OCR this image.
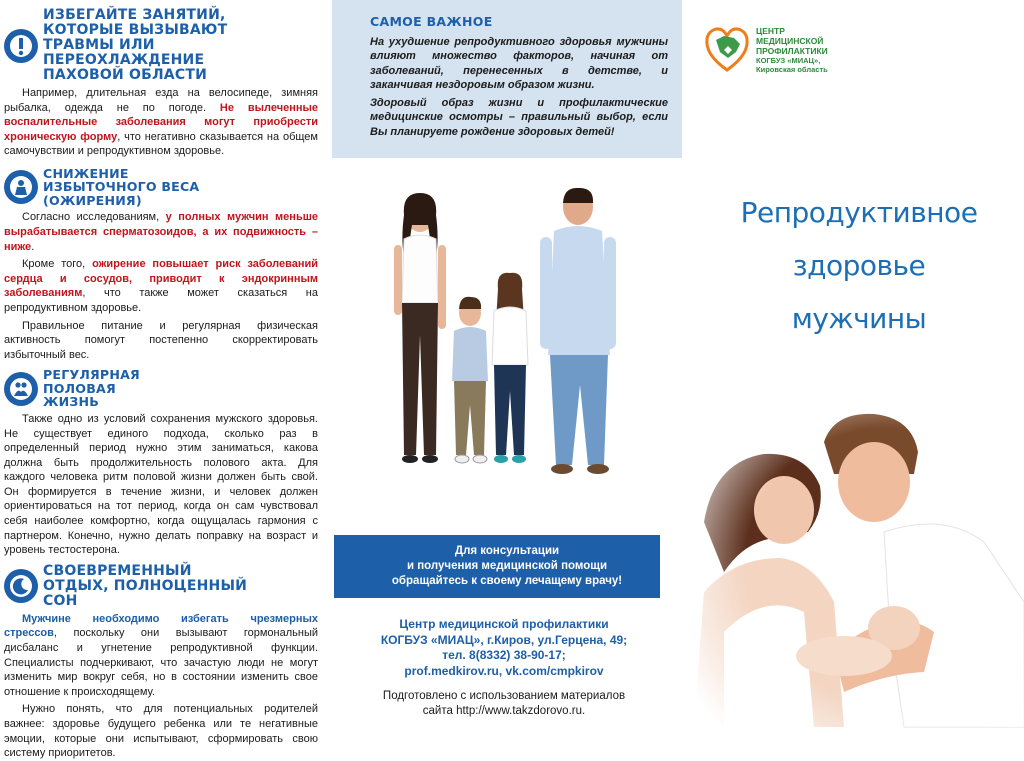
ИЗБЕГАЙТЕ ЗАНЯТИЙ, КОТОРЫЕ ВЫЗЫВАЮТ ТРАВМЫ ИЛИ ПЕРЕОХЛАЖДЕНИЕ ПАХОВОЙ ОБЛАСТИ

Например, длительная езда на велосипеде, зимняя рыбалка, одежда не по погоде. Не вылеченные воспалительные заболевания могут приобрести хроническую форму, что негативно сказывается на общем самочувствии и репродуктивном здоровье.

СНИЖЕНИЕ ИЗБЫТОЧНОГО ВЕСА (ОЖИРЕНИЯ)

Согласно исследованиям, у полных мужчин меньше вырабатывается сперматозоидов, а их подвижность – ниже.

Кроме того, ожирение повышает риск заболеваний сердца и сосудов, приводит к эндокринным заболеваниям, что также может сказаться на репродуктивном здоровье.

Правильное питание и регулярная физическая активность помогут постепенно скорректировать избыточный вес.

РЕГУЛЯРНАЯ ПОЛОВАЯ ЖИЗНЬ

Также одно из условий сохранения мужского здоровья. Не существует единого подхода, сколько раз в определенный период нужно этим заниматься, какова должна быть продолжительность полового акта. Для каждого человека ритм половой жизни должен быть свой. Он формируется в течение жизни, и человек должен ориентироваться на тот период, когда он сам чувствовал себя наиболее комфортно, когда ощущалась гармония с партнером. Конечно, нужно делать поправку на возраст и уровень тестостерона.

СВОЕВРЕМЕННЫЙ ОТДЫХ, ПОЛНОЦЕННЫЙ СОН

Мужчине необходимо избегать чрезмерных стрессов, поскольку они вызывают гормональный дисбаланс и угнетение репродуктивной функции. Специалисты подчеркивают, что зачастую люди не могут изменить мир вокруг себя, но в состоянии изменить свое отношение к происходящему.

Нужно понять, что для потенциальных родителей важнее: здоровье будущего ребенка или те негативные эмоции, которые они испытывают, сформировать свою систему приоритетов.

САМОЕ ВАЖНОЕ

На ухудшение репродуктивного здоровья мужчины влияют множество факторов, начиная от заболеваний, перенесенных в детстве, и заканчивая нездоровым образом жизни.

Здоровый образ жизни и профилактические медицинские осмотры – правильный выбор, если Вы планируете рождение здоровых детей!

Для консультации
и получения медицинской помощи
обращайтесь к своему лечащему врачу!
Центр медицинской профилактики
КОГБУЗ «МИАЦ», г.Киров, ул.Герцена, 49;
тел. 8(8332) 38-90-17;
prof.medkirov.ru, vk.com/cmpkirov
Подготовлено с использованием материалов
сайта http://www.takzdorovo.ru.
ЦЕНТР
МЕДИЦИНСКОЙ
ПРОФИЛАКТИКИ
КОГБУЗ «МИАЦ»,
Кировская область
Репродуктивное
здоровье
мужчины
